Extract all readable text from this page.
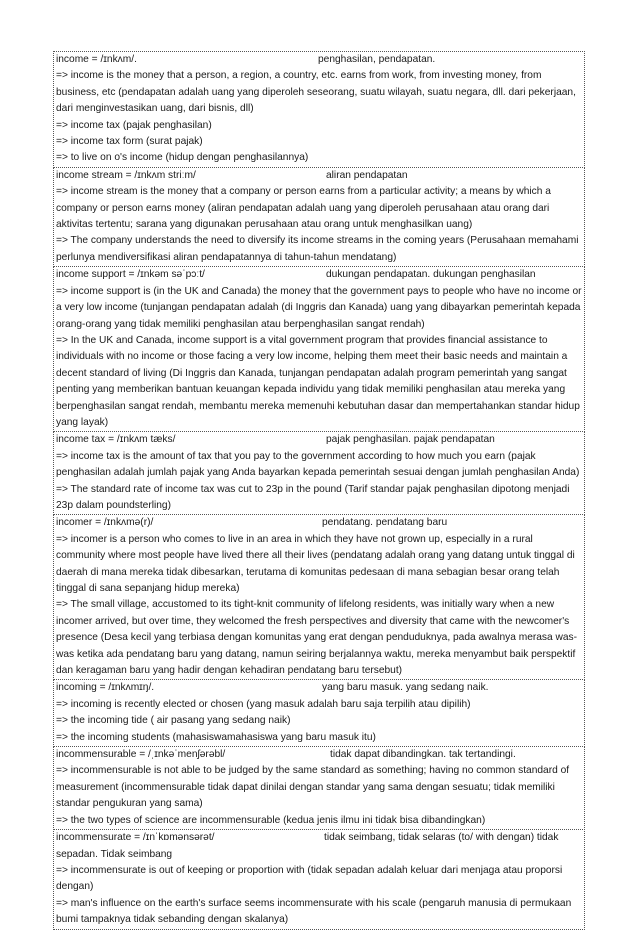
income = /ɪnkʌm/.	penghasilan, pendapatan.
=> income is the money that a person, a region, a country, etc. earns from work, from investing money, from business, etc (pendapatan adalah uang yang diperoleh seseorang, suatu wilayah, suatu negara, dll. dari pekerjaan, dari menginvestasikan uang, dari bisnis, dll)
=> income tax (pajak penghasilan)
=> income tax form (surat pajak)
=> to live on o's income (hidup dengan penghasilannya)
income stream = /ɪnkʌm striːm/	aliran pendapatan
=> income stream is the money that a company or person earns from a particular activity; a means by which a company or person earns money (aliran pendapatan adalah uang yang diperoleh perusahaan atau orang dari aktivitas tertentu; sarana yang digunakan perusahaan atau orang untuk menghasilkan uang)
=> The company understands the need to diversify its income streams in the coming years (Perusahaan memahami perlunya mendiversifikasi aliran pendapatannya di tahun-tahun mendatang)
income support = /ɪnkəm səˈpɔːt/	dukungan pendapatan. dukungan penghasilan
=> income support is (in the UK and Canada) the money that the government pays to people who have no income or a very low income (tunjangan pendapatan adalah (di Inggris dan Kanada) uang yang dibayarkan pemerintah kepada orang-orang yang tidak memiliki penghasilan atau berpenghasilan sangat rendah)
=> In the UK and Canada, income support is a vital government program that provides financial assistance to individuals with no income or those facing a very low income, helping them meet their basic needs and maintain a decent standard of living (Di Inggris dan Kanada, tunjangan pendapatan adalah program pemerintah yang sangat penting yang memberikan bantuan keuangan kepada individu yang tidak memiliki penghasilan atau mereka yang berpenghasilan sangat rendah, membantu mereka memenuhi kebutuhan dasar dan mempertahankan standar hidup yang layak)
income tax = /ɪnkʌm tæks/	pajak penghasilan. pajak pendapatan
=> income tax is the amount of tax that you pay to the government according to how much you earn (pajak penghasilan adalah jumlah pajak yang Anda bayarkan kepada pemerintah sesuai dengan jumlah penghasilan Anda)
=> The standard rate of income tax was cut to 23p in the pound (Tarif standar pajak penghasilan dipotong menjadi 23p dalam poundsterling)
incomer = /ɪnkʌmə(r)/	pendatang. pendatang baru
=> incomer is a person who comes to live in an area in which they have not grown up, especially in a rural community where most people have lived there all their lives (pendatang adalah orang yang datang untuk tinggal di daerah di mana mereka tidak dibesarkan, terutama di komunitas pedesaan di mana sebagian besar orang telah tinggal di sana sepanjang hidup mereka)
=> The small village, accustomed to its tight-knit community of lifelong residents, was initially wary when a new incomer arrived, but over time, they welcomed the fresh perspectives and diversity that came with the newcomer's presence (Desa kecil yang terbiasa dengan komunitas yang erat dengan penduduknya, pada awalnya merasa was-was ketika ada pendatang baru yang datang, namun seiring berjalannya waktu, mereka menyambut baik perspektif dan keragaman baru yang hadir dengan kehadiran pendatang baru tersebut)
incoming = /ɪnkʌmɪŋ/.	yang baru masuk. yang sedang naik.
=> incoming is recently elected or chosen (yang masuk adalah baru saja terpilih atau dipilih)
=> the incoming tide ( air pasang yang sedang naik)
=> the incoming students (mahasiswamahasiswa yang baru masuk itu)
incommensurable = /ˌɪnkəˈmenʃərəbl/	tidak dapat dibandingkan. tak tertandingi.
=> incommensurable is not able to be judged by the same standard as something; having no common standard of measurement (incommensurable tidak dapat dinilai dengan standar yang sama dengan sesuatu; tidak memiliki standar pengukuran yang sama)
=> the two types of science are incommensurable (kedua jenis ilmu ini tidak bisa dibandingkan)
incommensurate = /ɪnˈkɒmənsərət/	tidak seimbang, tidak selaras (to/ with dengan) tidak sepadan. Tidak seimbang
=> incommensurate is out of keeping or proportion with (tidak sepadan adalah keluar dari menjaga atau proporsi dengan)
=> man's influence on the earth's surface seems incommensurate with his scale (pengaruh manusia di permukaan bumi tampaknya tidak sebanding dengan skalanya)
